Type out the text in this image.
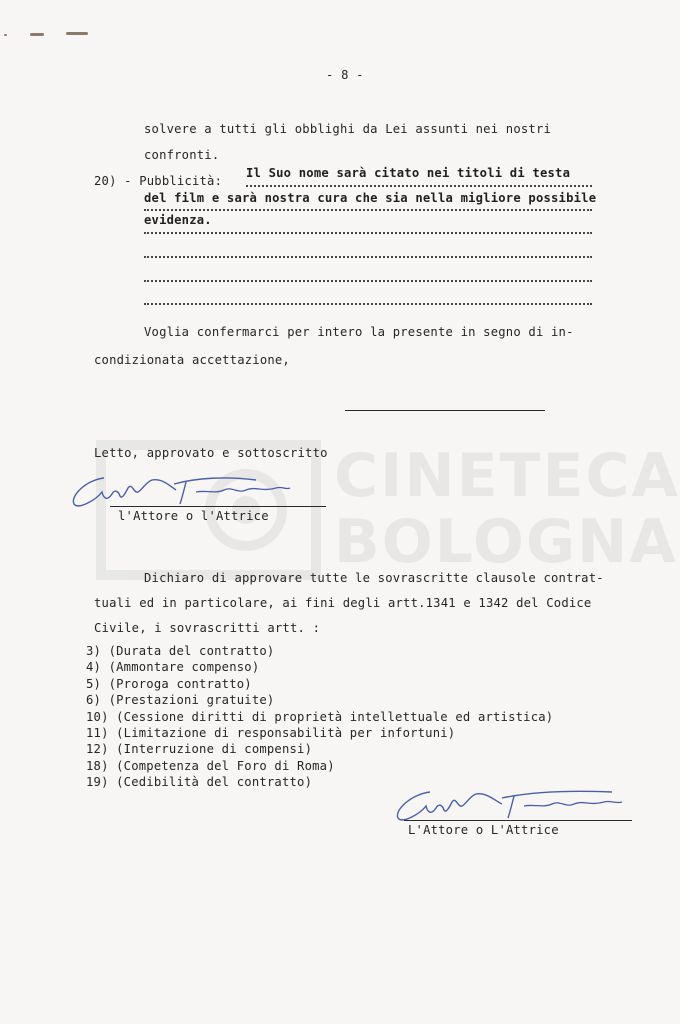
CINETECA
BOLOGNA
- 8 -
solvere a tutti gli obblighi da Lei assunti nei nostri
confronti.
20) - Pubblicità:
Il Suo nome sarà citato nei titoli di testa
del film e sarà nostra cura che sia nella migliore possibile
evidenza.
Voglia confermarci per intero la presente in segno di in-
condizionata accettazione,
Letto, approvato e sottoscritto
l'Attore o l'Attrice
Dichiaro di approvare tutte le sovrascritte clausole contrat-
tuali ed in particolare, ai fini degli artt.1341 e 1342 del Codice
Civile, i sovrascritti artt. :
3) (Durata del contratto)
4) (Ammontare compenso)
5) (Proroga contratto)
6) (Prestazioni gratuite)
10) (Cessione diritti di proprietà intellettuale ed artistica)
11) (Limitazione di responsabilità per infortuni)
12) (Interruzione di compensi)
18) (Competenza del Foro di Roma)
19) (Cedibilità del contratto)
L'Attore o L'Attrice
